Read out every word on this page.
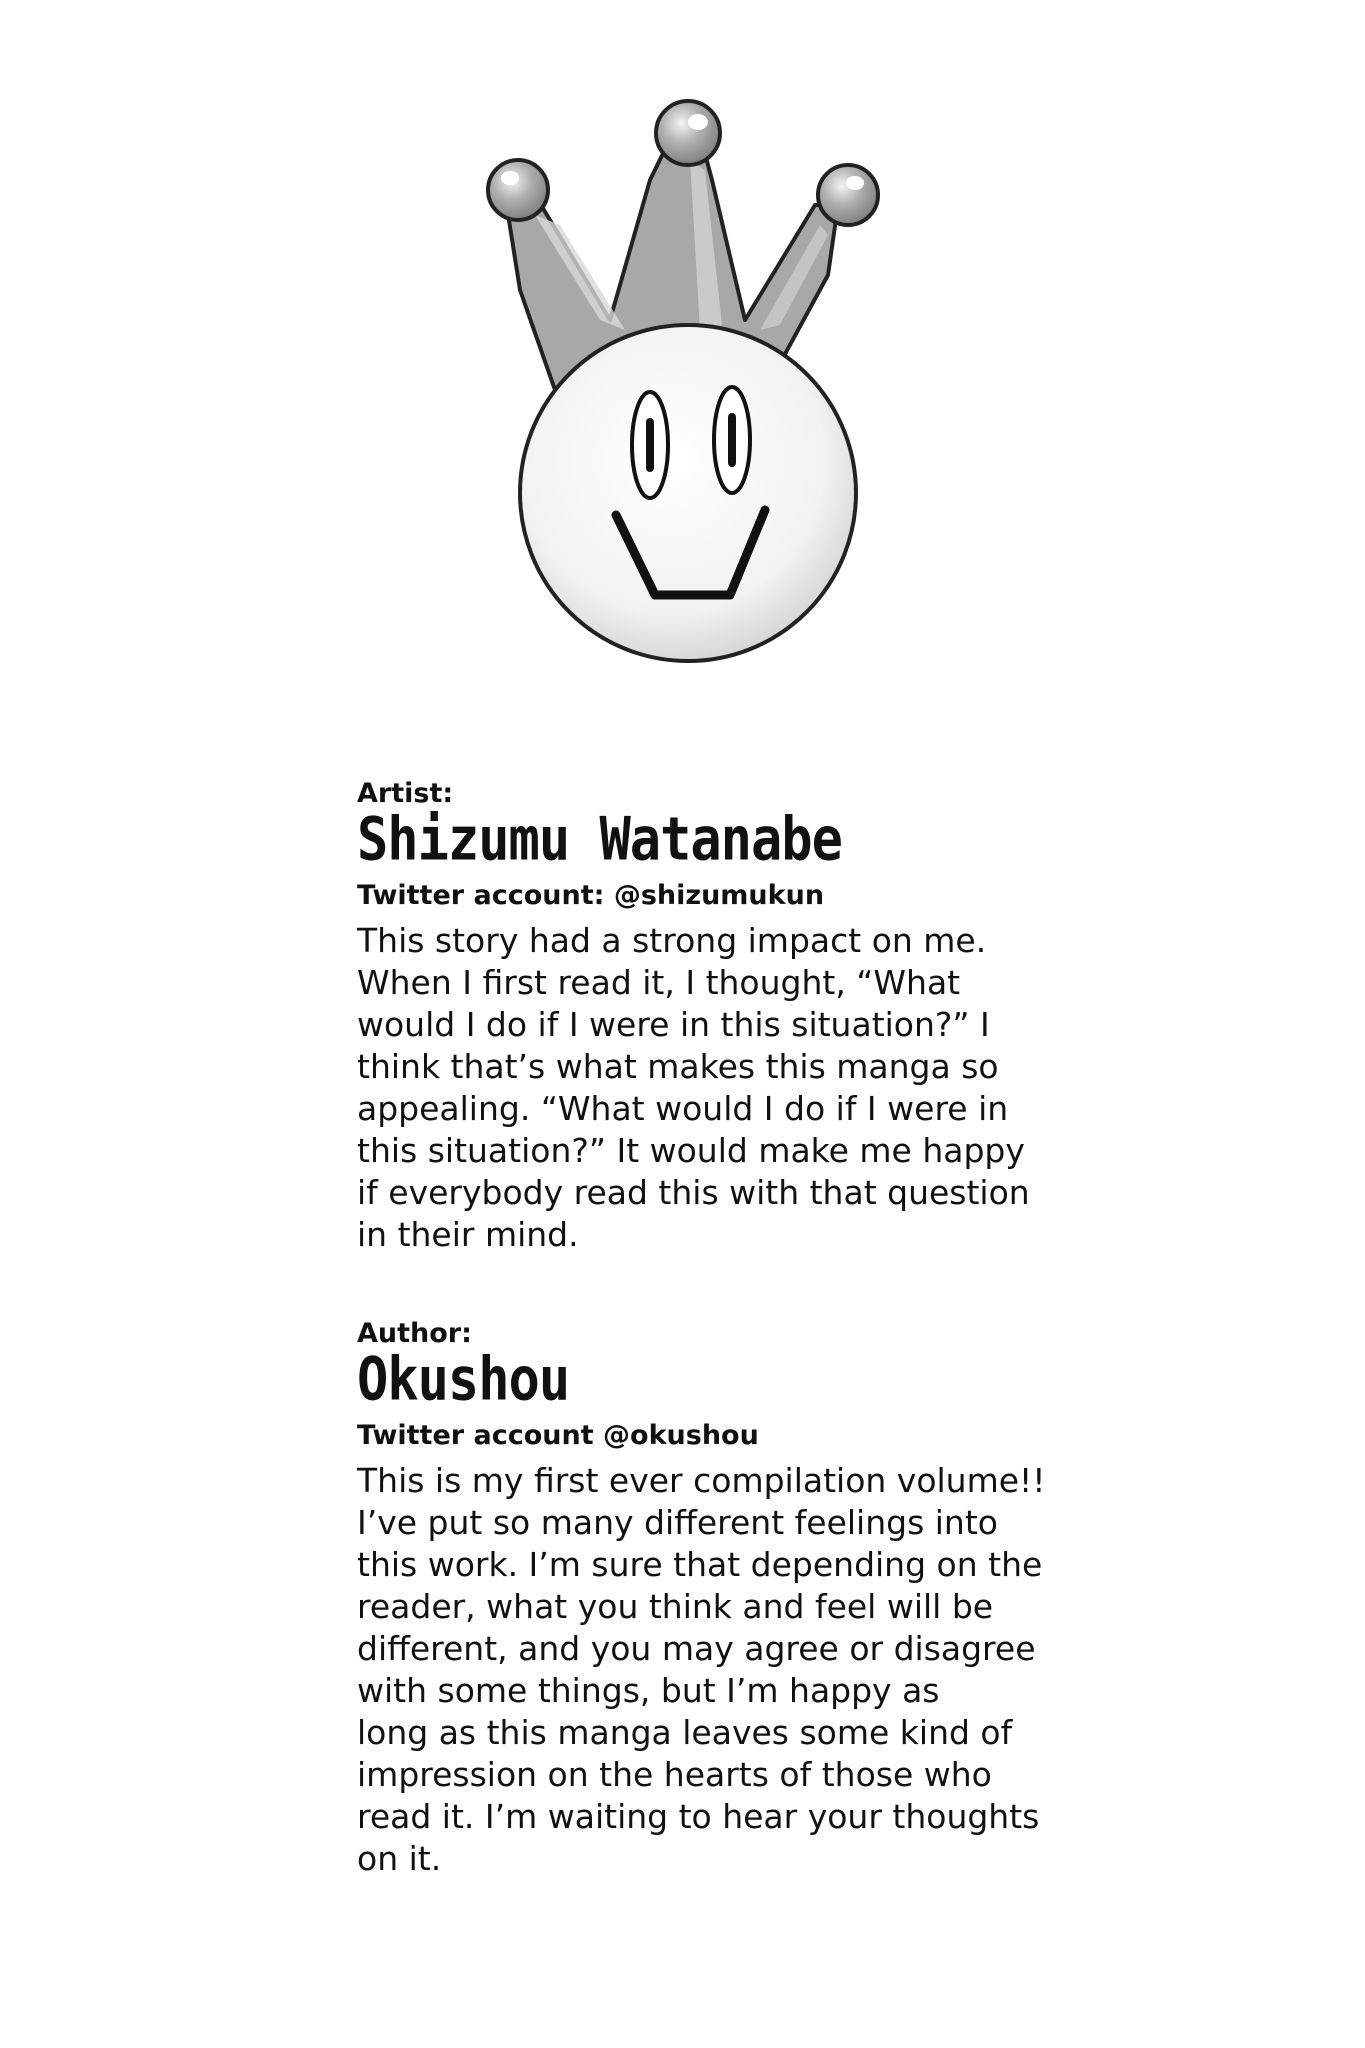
Artist:

Shizumu Watanabe

Twitter account: @shizumukun

This story had a strong impact on me.
When I first read it, I thought, “What
would I do if I were in this situation?” I
think that’s what makes this manga so
appealing. “What would I do if I were in
this situation?” It would make me happy
if everybody read this with that question
in their mind.

Author:

Okushou

Twitter account @okushou

This is my first ever compilation volume!!
I’ve put so many different feelings into
this work. I’m sure that depending on the
reader, what you think and feel will be
different, and you may agree or disagree
with some things, but I’m happy as
long as this manga leaves some kind of
impression on the hearts of those who
read it. I’m waiting to hear your thoughts
on it.
